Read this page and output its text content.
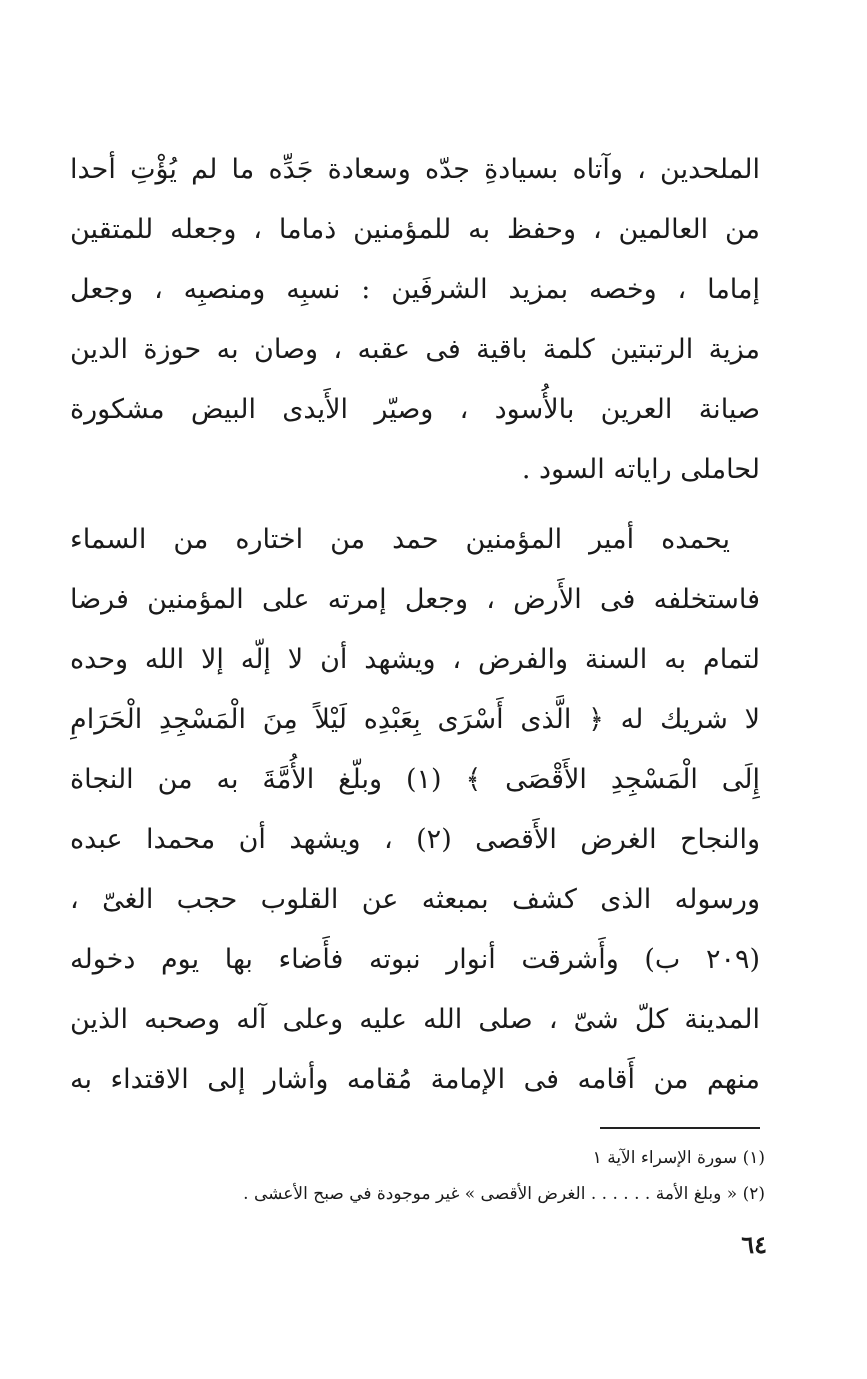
الملحدين ، وآتاه بسيادةِ جدّه وسعادة جَدِّه ما لم يُؤْتِ أحدا
من العالمين ، وحفظ به للمؤمنين ذماما ، وجعله للمتقين
إماما ، وخصه بمزيد الشرفَين : نسبِه ومنصبِه ، وجعل
مزية الرتبتين كلمة باقية فى عقبه ، وصان به حوزة الدين
صيانة العرين بالأُسود ، وصيّر الأَيدى البيض مشكورة
لحاملى راياته السود .
يحمده أمير المؤمنين حمد من اختاره من السماء
فاستخلفه فى الأَرض ، وجعل إمرته على المؤمنين فرضا
لتمام به السنة والفرض ، ويشهد أن لا إلّه إلا الله وحده
لا شريك له ﴿ الَّذى أَسْرَى بِعَبْدِه لَيْلاً مِنَ الْمَسْجِدِ الْحَرَامِ
إِلَى الْمَسْجِدِ الأَقْصَى ﴾ (١) وبلّغ الأُمَّةَ به من النجاة
والنجاح الغرض الأَقصى (٢) ، ويشهد أن محمدا عبده
ورسوله الذى كشف بمبعثه عن القلوب حجب الغىّ ،
(٢٠٩ ب) وأَشرقت أنوار نبوته فأَضاء بها يوم دخوله
المدينة كلّ شىّ ، صلى الله عليه وعلى آله وصحبه الذين
منهم من أَقامه فى الإمامة مُقامه وأشار إلى الاقتداء به
(١) سورة الإسراء الآية ١
(٢) « وبلغ الأمة . . . . . . الغرض الأقصى » غير موجودة في صبح الأعشى .
٦٤
